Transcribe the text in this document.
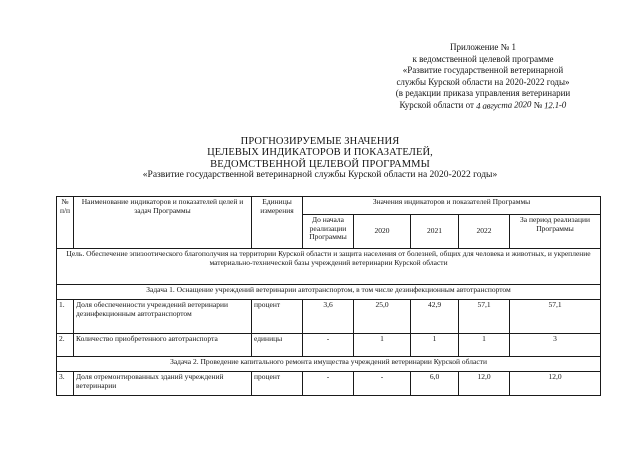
Приложение № 1
к ведомственной целевой программе
«Развитие государственной ветеринарной
службы Курской области на 2020-2022 годы»
(в редакции приказа управления ветеринарии
Курской области от 4 августа 2020 № 12.1-0
ПРОГНОЗИРУЕМЫЕ ЗНАЧЕНИЯ
ЦЕЛЕВЫХ ИНДИКАТОРОВ И ПОКАЗАТЕЛЕЙ,
ВЕДОМСТВЕННОЙ ЦЕЛЕВОЙ ПРОГРАММЫ
«Развитие государственной ветеринарной службы Курской области на 2020-2022 годы»
№ п/п	Наименование индикаторов и показателей целей и задач Программы	Единицы измерения	Значения индикаторов и показателей Программы				
			До начала реализации Программы	2020	2021	2022	За период реализации Программы
Цель. Обеспечение эпизоотического благополучия на территории Курской области и защита населения от болезней, общих для человека и животных, и укрепление материально-технической базы учреждений ветеринарии Курской области							
Задача 1. Оснащение учреждений ветеринарии автотранспортом, в том числе дезинфекционным автотранспортом							
1.	Доля обеспеченности учреждений ветеринарии дезинфекционным автотранспортом	процент	3,6	25,0	42,9	57,1	57,1
2.	Количество приобретенного автотранспорта	единицы	-	1	1	1	3
Задача 2. Проведение капитального ремонта имущества учреждений ветеринарии Курской области							
3.	Доля отремонтированных зданий учреждений ветеринарии	процент	-	-	6,0	12,0	12,0
